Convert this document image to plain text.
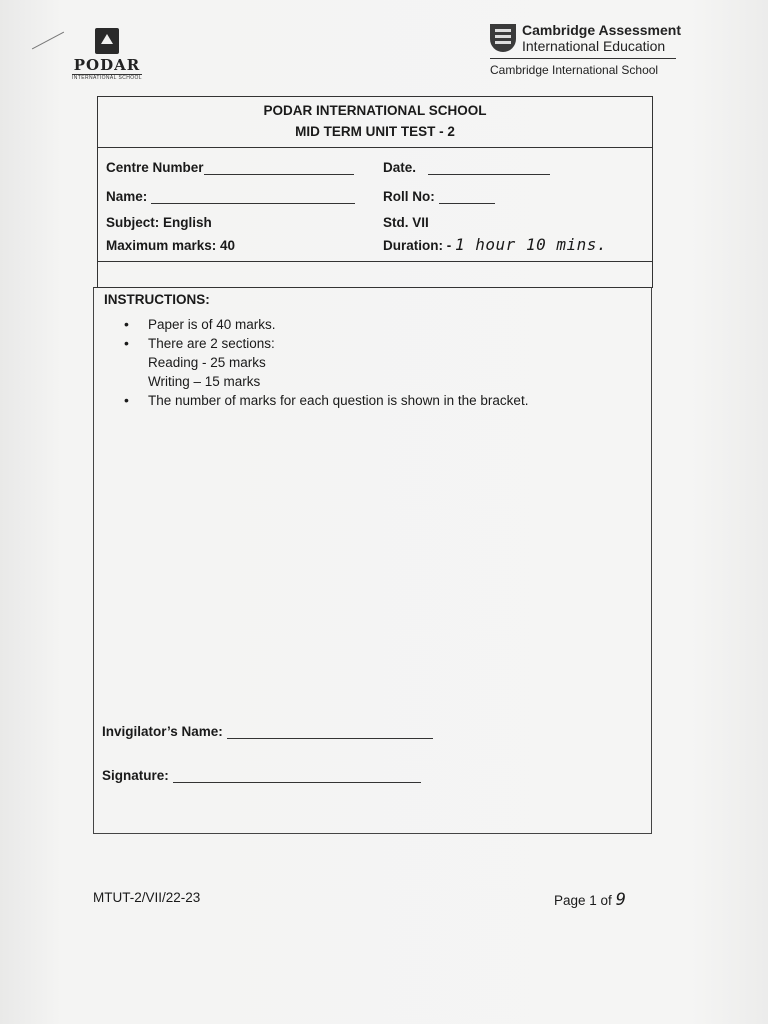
PODAR
INTERNATIONAL SCHOOL
Cambridge Assessment
International Education
Cambridge International School
PODAR INTERNATIONAL SCHOOL
MID TERM UNIT TEST - 2
Centre Number	Date.
Name:	Roll No:
Subject: English	Std. VII
Maximum marks: 40	Duration: - 1 hour 10 mins.
INSTRUCTIONS:
• Paper is of 40 marks.
• There are 2 sections:
Reading - 25 marks
Writing – 15 marks
• The number of marks for each question is shown in the bracket.
Invigilator’s Name:
Signature:
MTUT-2/VII/22-23	Page 1 of 9
